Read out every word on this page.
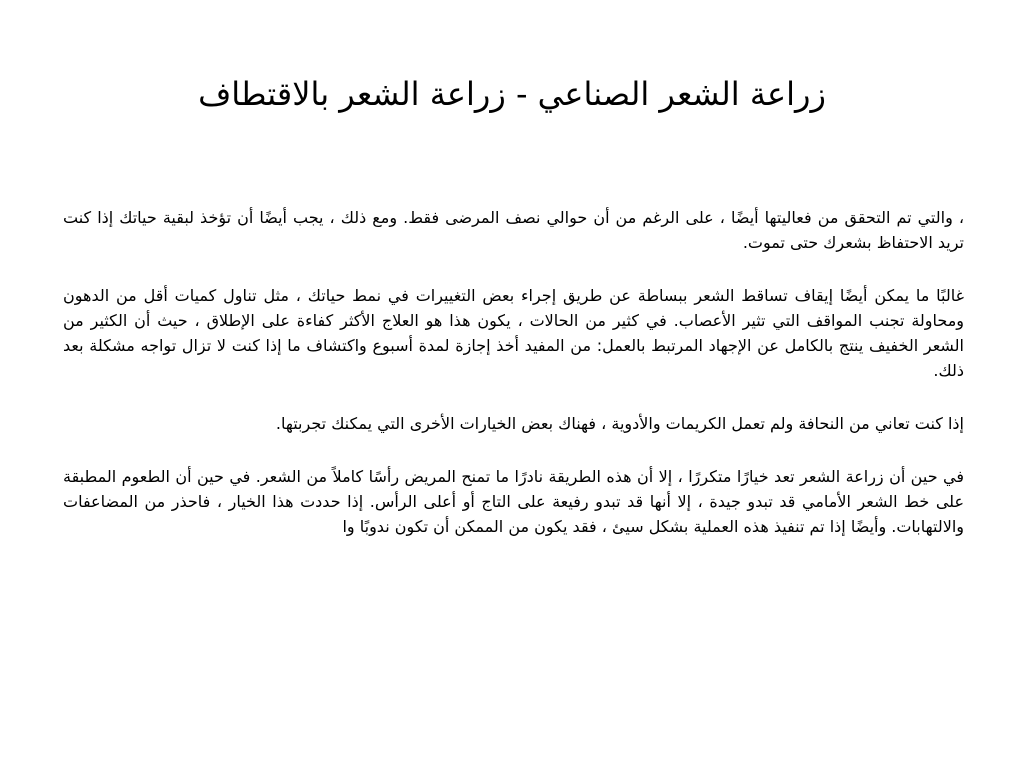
زراعة الشعر الصناعي - زراعة الشعر بالاقتطاف

، والتي تم التحقق من فعاليتها أيضًا ، على الرغم من أن حوالي نصف المرضى فقط. ومع ذلك ، يجب أيضًا أن تؤخذ لبقية حياتك إذا كنت تريد الاحتفاظ بشعرك حتى تموت.

غالبًا ما يمكن أيضًا إيقاف تساقط الشعر ببساطة عن طريق إجراء بعض التغييرات في نمط حياتك ، مثل تناول كميات أقل من الدهون ومحاولة تجنب المواقف التي تثير الأعصاب. في كثير من الحالات ، يكون هذا هو العلاج الأكثر كفاءة على الإطلاق ، حيث أن الكثير من الشعر الخفيف ينتج بالكامل عن الإجهاد المرتبط بالعمل: من المفيد أخذ إجازة لمدة أسبوع واكتشاف ما إذا كنت لا تزال تواجه مشكلة بعد ذلك.

إذا كنت تعاني من النحافة ولم تعمل الكريمات والأدوية ، فهناك بعض الخيارات الأخرى التي يمكنك تجربتها.

في حين أن زراعة الشعر تعد خيارًا متكررًا ، إلا أن هذه الطريقة نادرًا ما تمنح المريض رأسًا كاملاً من الشعر. في حين أن الطعوم المطبقة على خط الشعر الأمامي قد تبدو جيدة ، إلا أنها قد تبدو رفيعة على التاج أو أعلى الرأس. إذا حددت هذا الخيار ، فاحذر من المضاعفات والالتهابات. وأيضًا إذا تم تنفيذ هذه العملية بشكل سيئ ، فقد يكون من الممكن أن تكون ندوبًا وا
